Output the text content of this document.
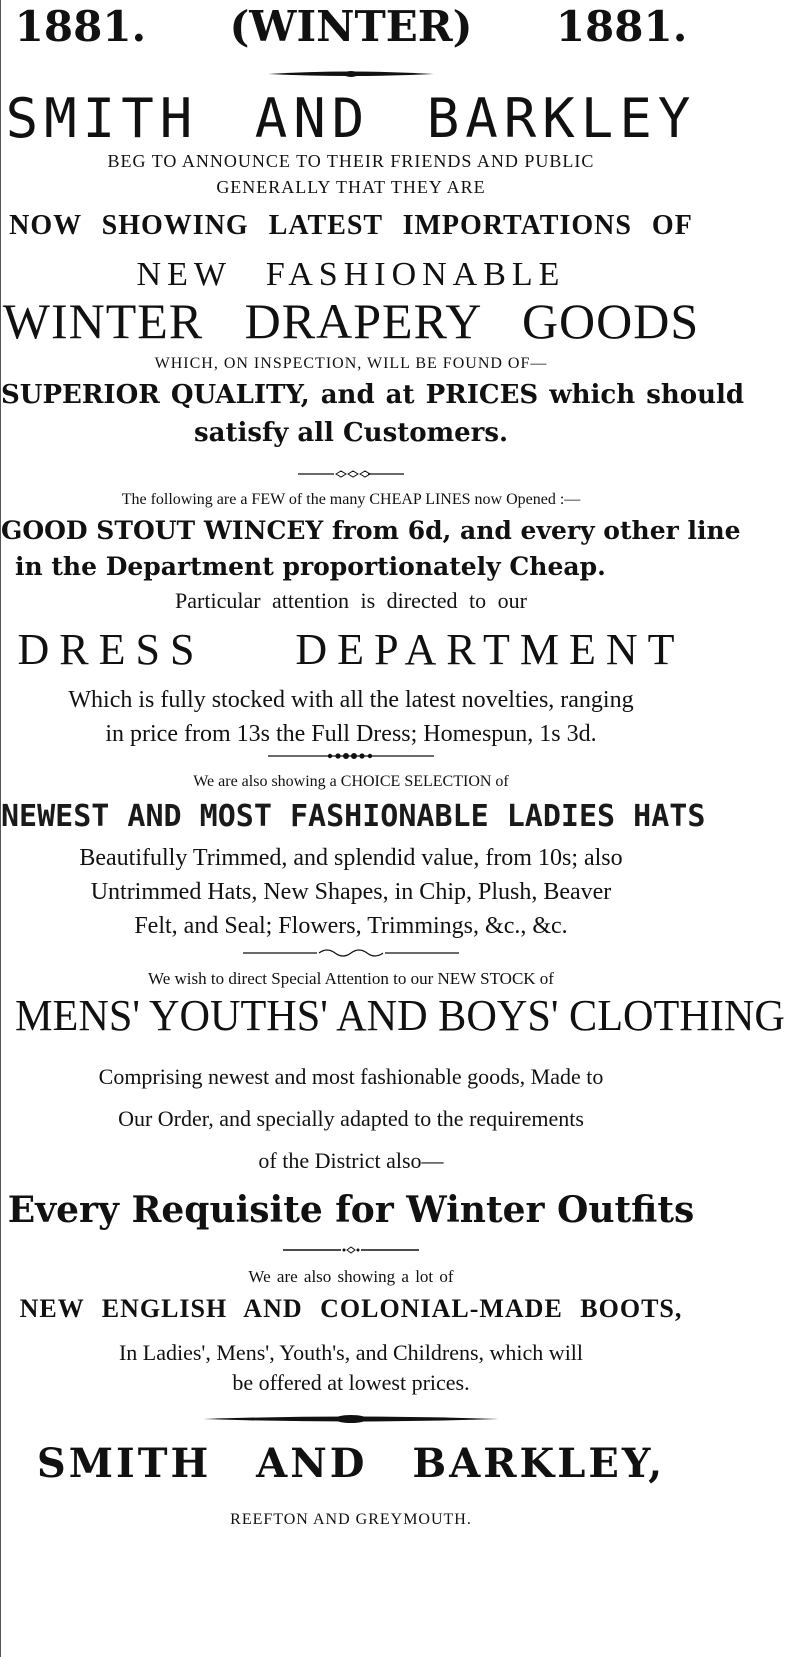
1881. (WINTER) 1881.
SMITH AND BARKLEY
BEG TO ANNOUNCE TO THEIR FRIENDS AND PUBLIC
GENERALLY THAT THEY ARE
NOW SHOWING LATEST IMPORTATIONS OF
NEW FASHIONABLE
WINTER DRAPERY GOODS
WHICH, ON INSPECTION, WILL BE FOUND OF—
SUPERIOR QUALITY, and at PRICES which should
satisfy all Customers.
The following are a FEW of the many CHEAP LINES now Opened :—
GOOD STOUT WINCEY from 6d, and every other line
in the Department proportionately Cheap.
Particular attention is directed to our
DRESS DEPARTMENT
Which is fully stocked with all the latest novelties, ranging
in price from 13s the Full Dress; Homespun, 1s 3d.
We are also showing a CHOICE SELECTION of
NEWEST AND MOST FASHIONABLE LADIES HATS
Beautifully Trimmed, and splendid value, from 10s; also
Untrimmed Hats, New Shapes, in Chip, Plush, Beaver
Felt, and Seal; Flowers, Trimmings, &c., &c.
We wish to direct Special Attention to our NEW STOCK of
MENS' YOUTHS' AND BOYS' CLOTHING
Comprising newest and most fashionable goods, Made to
Our Order, and specially adapted to the requirements
of the District also—
Every Requisite for Winter Outfits
We are also showing a lot of
NEW ENGLISH AND COLONIAL-MADE BOOTS,
In Ladies', Mens', Youth's, and Childrens, which will
be offered at lowest prices.
SMITH AND BARKLEY,
REEFTON AND GREYMOUTH.
